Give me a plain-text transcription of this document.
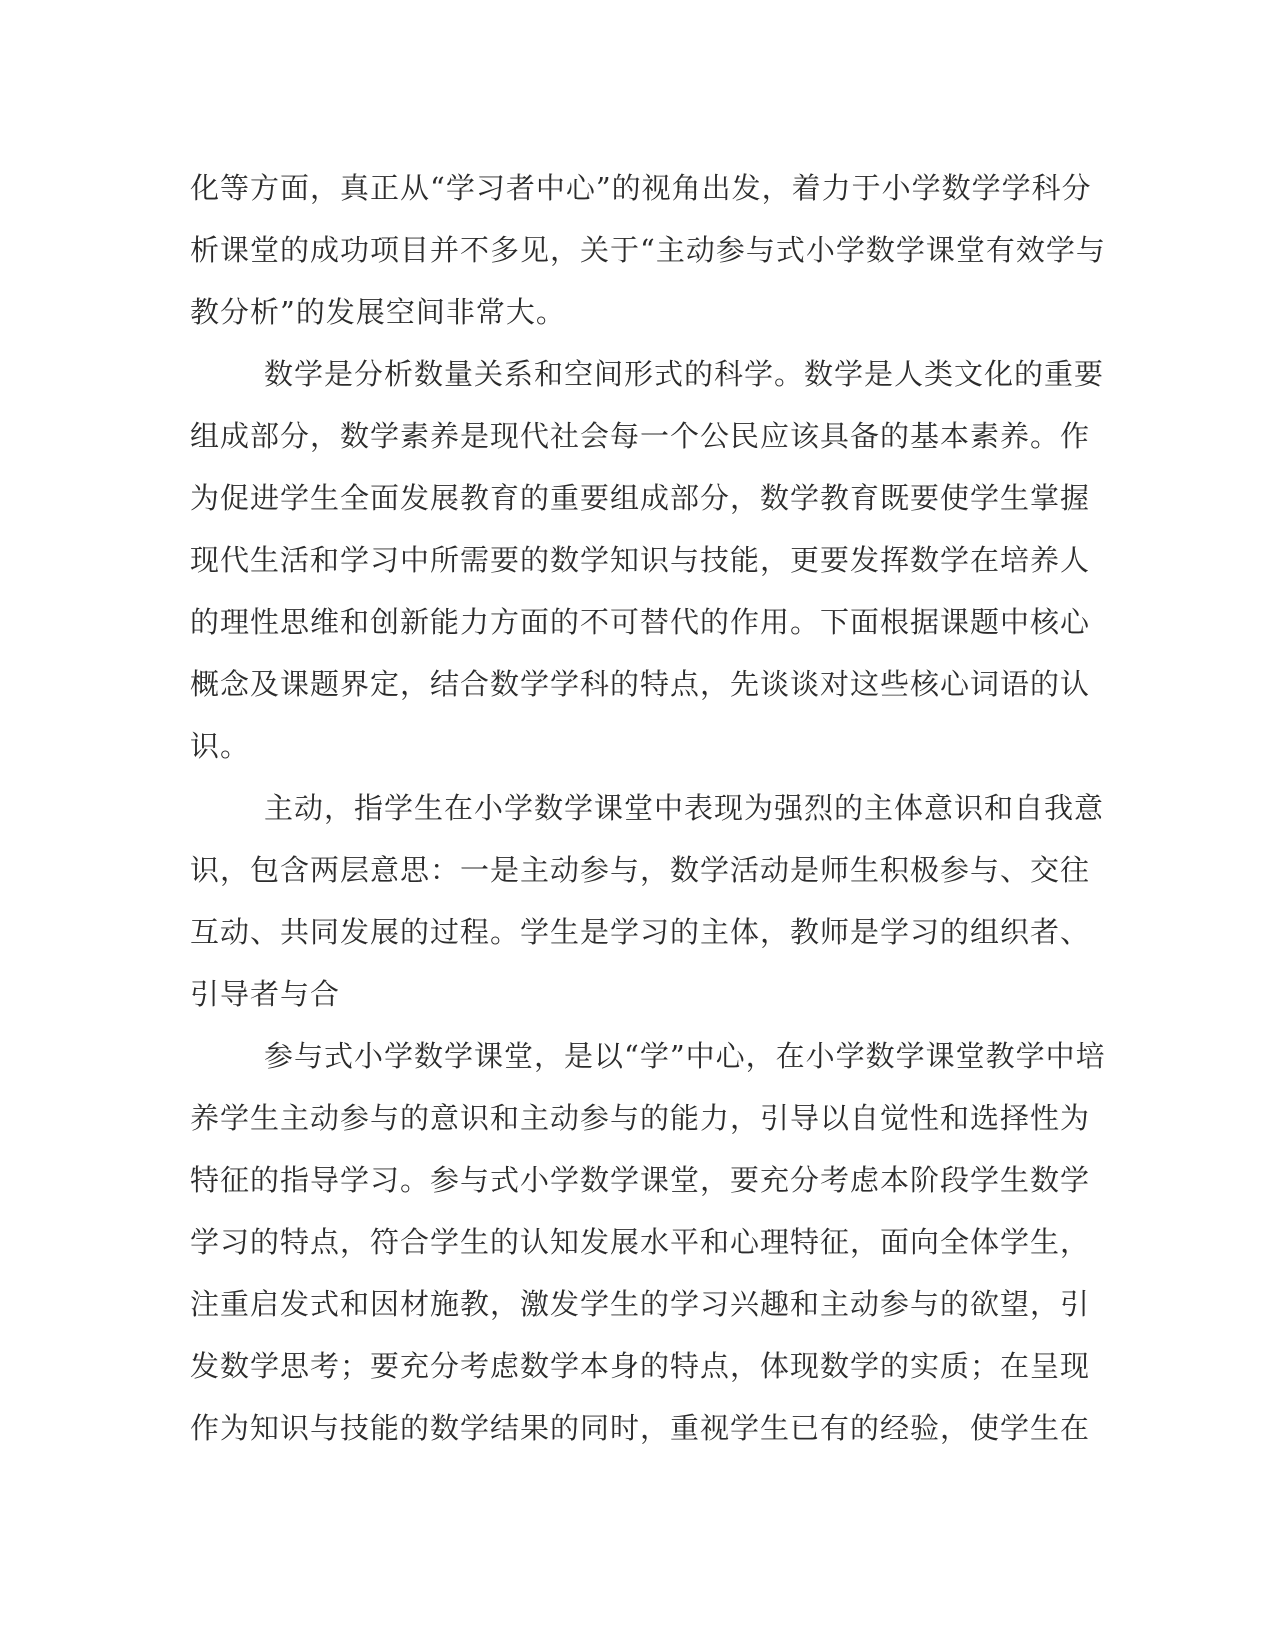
化等方面，真正从“学习者中心”的视角出发，着力于小学数学学科分
析课堂的成功项目并不多见，关于“主动参与式小学数学课堂有效学与
教分析”的发展空间非常大。
数学是分析数量关系和空间形式的科学。数学是人类文化的重要
组成部分，数学素养是现代社会每一个公民应该具备的基本素养。作
为促进学生全面发展教育的重要组成部分，数学教育既要使学生掌握
现代生活和学习中所需要的数学知识与技能，更要发挥数学在培养人
的理性思维和创新能力方面的不可替代的作用。下面根据课题中核心
概念及课题界定，结合数学学科的特点，先谈谈对这些核心词语的认
识。
主动，指学生在小学数学课堂中表现为强烈的主体意识和自我意
识，包含两层意思：一是主动参与，数学活动是师生积极参与、交往
互动、共同发展的过程。学生是学习的主体，教师是学习的组织者、
引导者与合
参与式小学数学课堂，是以“学”中心，在小学数学课堂教学中培
养学生主动参与的意识和主动参与的能力，引导以自觉性和选择性为
特征的指导学习。参与式小学数学课堂，要充分考虑本阶段学生数学
学习的特点，符合学生的认知发展水平和心理特征，面向全体学生，
注重启发式和因材施教，激发学生的学习兴趣和主动参与的欲望，引
发数学思考；要充分考虑数学本身的特点，体现数学的实质；在呈现
作为知识与技能的数学结果的同时，重视学生已有的经验，使学生在
